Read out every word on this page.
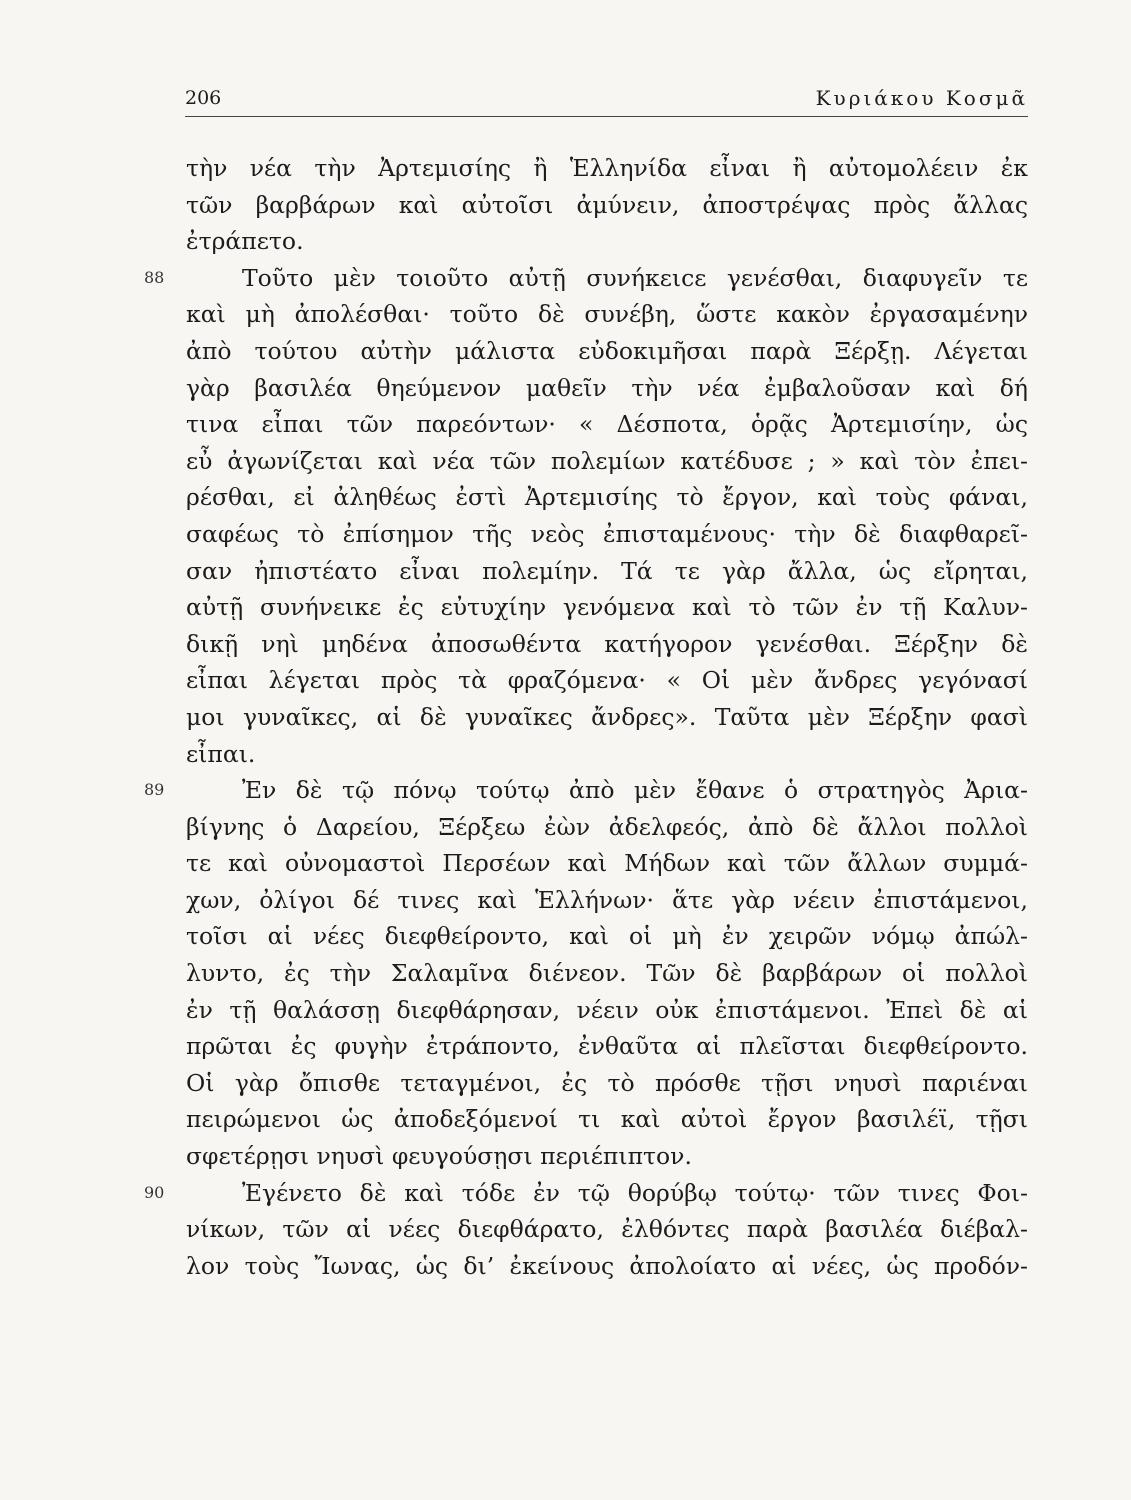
206	Κυριάκου Κοσμᾶ
τὴν νέα τὴν Ἀρτεμισίης ἢ Ἑλληνίδα εἶναι ἢ αὐτομολέειν ἐκ
τῶν βαρβάρων καὶ αὐτοῖσι ἀμύνειν, ἀποστρέψας πρὸς ἄλλας
ἐτράπετο.
88	Τοῦτο μὲν τοιοῦτο αὐτῇ συνήκειcε γενέσθαι, διαφυγεῖν τε
καὶ μὴ ἀπολέσθαι· τοῦτο δὲ συνέβη, ὥστε κακὸν ἐργασαμένην
ἀπὸ τούτου αὐτὴν μάλιστα εὐδοκιμῆσαι παρὰ Ξέρξῃ. Λέγεται
γὰρ βασιλέα θηεύμενον μαθεῖν τὴν νέα ἐμβαλοῦσαν καὶ δή
τινα εἶπαι τῶν παρεόντων· « Δέσποτα, ὁρᾷς Ἀρτεμισίην, ὡς
εὖ ἀγωνίζεται καὶ νέα τῶν πολεμίων κατέδυσε ; » καὶ τὸν ἐπει-
ρέσθαι, εἰ ἀληθέως ἐστὶ Ἀρτεμισίης τὸ ἔργον, καὶ τοὺς φάναι,
σαφέως τὸ ἐπίσημον τῆς νεὸς ἐπισταμένους· τὴν δὲ διαφθαρεῖ-
σαν ἠπιστέατο εἶναι πολεμίην. Τά τε γὰρ ἄλλα, ὡς εἴρηται,
αὐτῇ συνήνεικε ἐς εὐτυχίην γενόμενα καὶ τὸ τῶν ἐν τῇ Καλυν-
δικῇ νηὶ μηδένα ἀποσωθέντα κατήγορον γενέσθαι. Ξέρξην δὲ
εἶπαι λέγεται πρὸς τὰ φραζόμενα· « Οἱ μὲν ἄνδρες γεγόνασί
μοι γυναῖκες, αἱ δὲ γυναῖκες ἄνδρες». Ταῦτα μὲν Ξέρξην φασὶ
εἶπαι.
89	Ἐν δὲ τῷ πόνῳ τούτῳ ἀπὸ μὲν ἔθανε ὁ στρατηγὸς Ἀρια-
βίγνης ὁ Δαρείου, Ξέρξεω ἐὼν ἀδελφεός, ἀπὸ δὲ ἄλλοι πολλοὶ
τε καὶ οὐνομαστοὶ Περσέων καὶ Μήδων καὶ τῶν ἄλλων συμμά-
χων, ὀλίγοι δέ τινες καὶ Ἑλλήνων· ἅτε γὰρ νέειν ἐπιστάμενοι,
τοῖσι αἱ νέες διεφθείροντο, καὶ οἱ μὴ ἐν χειρῶν νόμῳ ἀπώλ-
λυντο, ἐς τὴν Σαλαμῖνα διένεον. Τῶν δὲ βαρβάρων οἱ πολλοὶ
ἐν τῇ θαλάσσῃ διεφθάρησαν, νέειν οὐκ ἐπιστάμενοι. Ἐπεὶ δὲ αἱ
πρῶται ἐς φυγὴν ἐτράποντο, ἐνθαῦτα αἱ πλεῖσται διεφθείροντο.
Οἱ γὰρ ὄπισθε τεταγμένοι, ἐς τὸ πρόσθε τῇσι νηυσὶ παριέναι
πειρώμενοι ὡς ἀποδεξόμενοί τι καὶ αὐτοὶ ἔργον βασιλέϊ, τῇσι
σφετέρῃσι νηυσὶ φευγούσῃσι περιέπιπτον.
90	Ἐγένετο δὲ καὶ τόδε ἐν τῷ θορύβῳ τούτῳ· τῶν τινες Φοι-
νίκων, τῶν αἱ νέες διεφθάρατο, ἐλθόντες παρὰ βασιλέα διέβαλ-
λον τοὺς Ἴωνας, ὡς δι’ ἐκείνους ἀπολοίατο αἱ νέες, ὡς προδόν-
